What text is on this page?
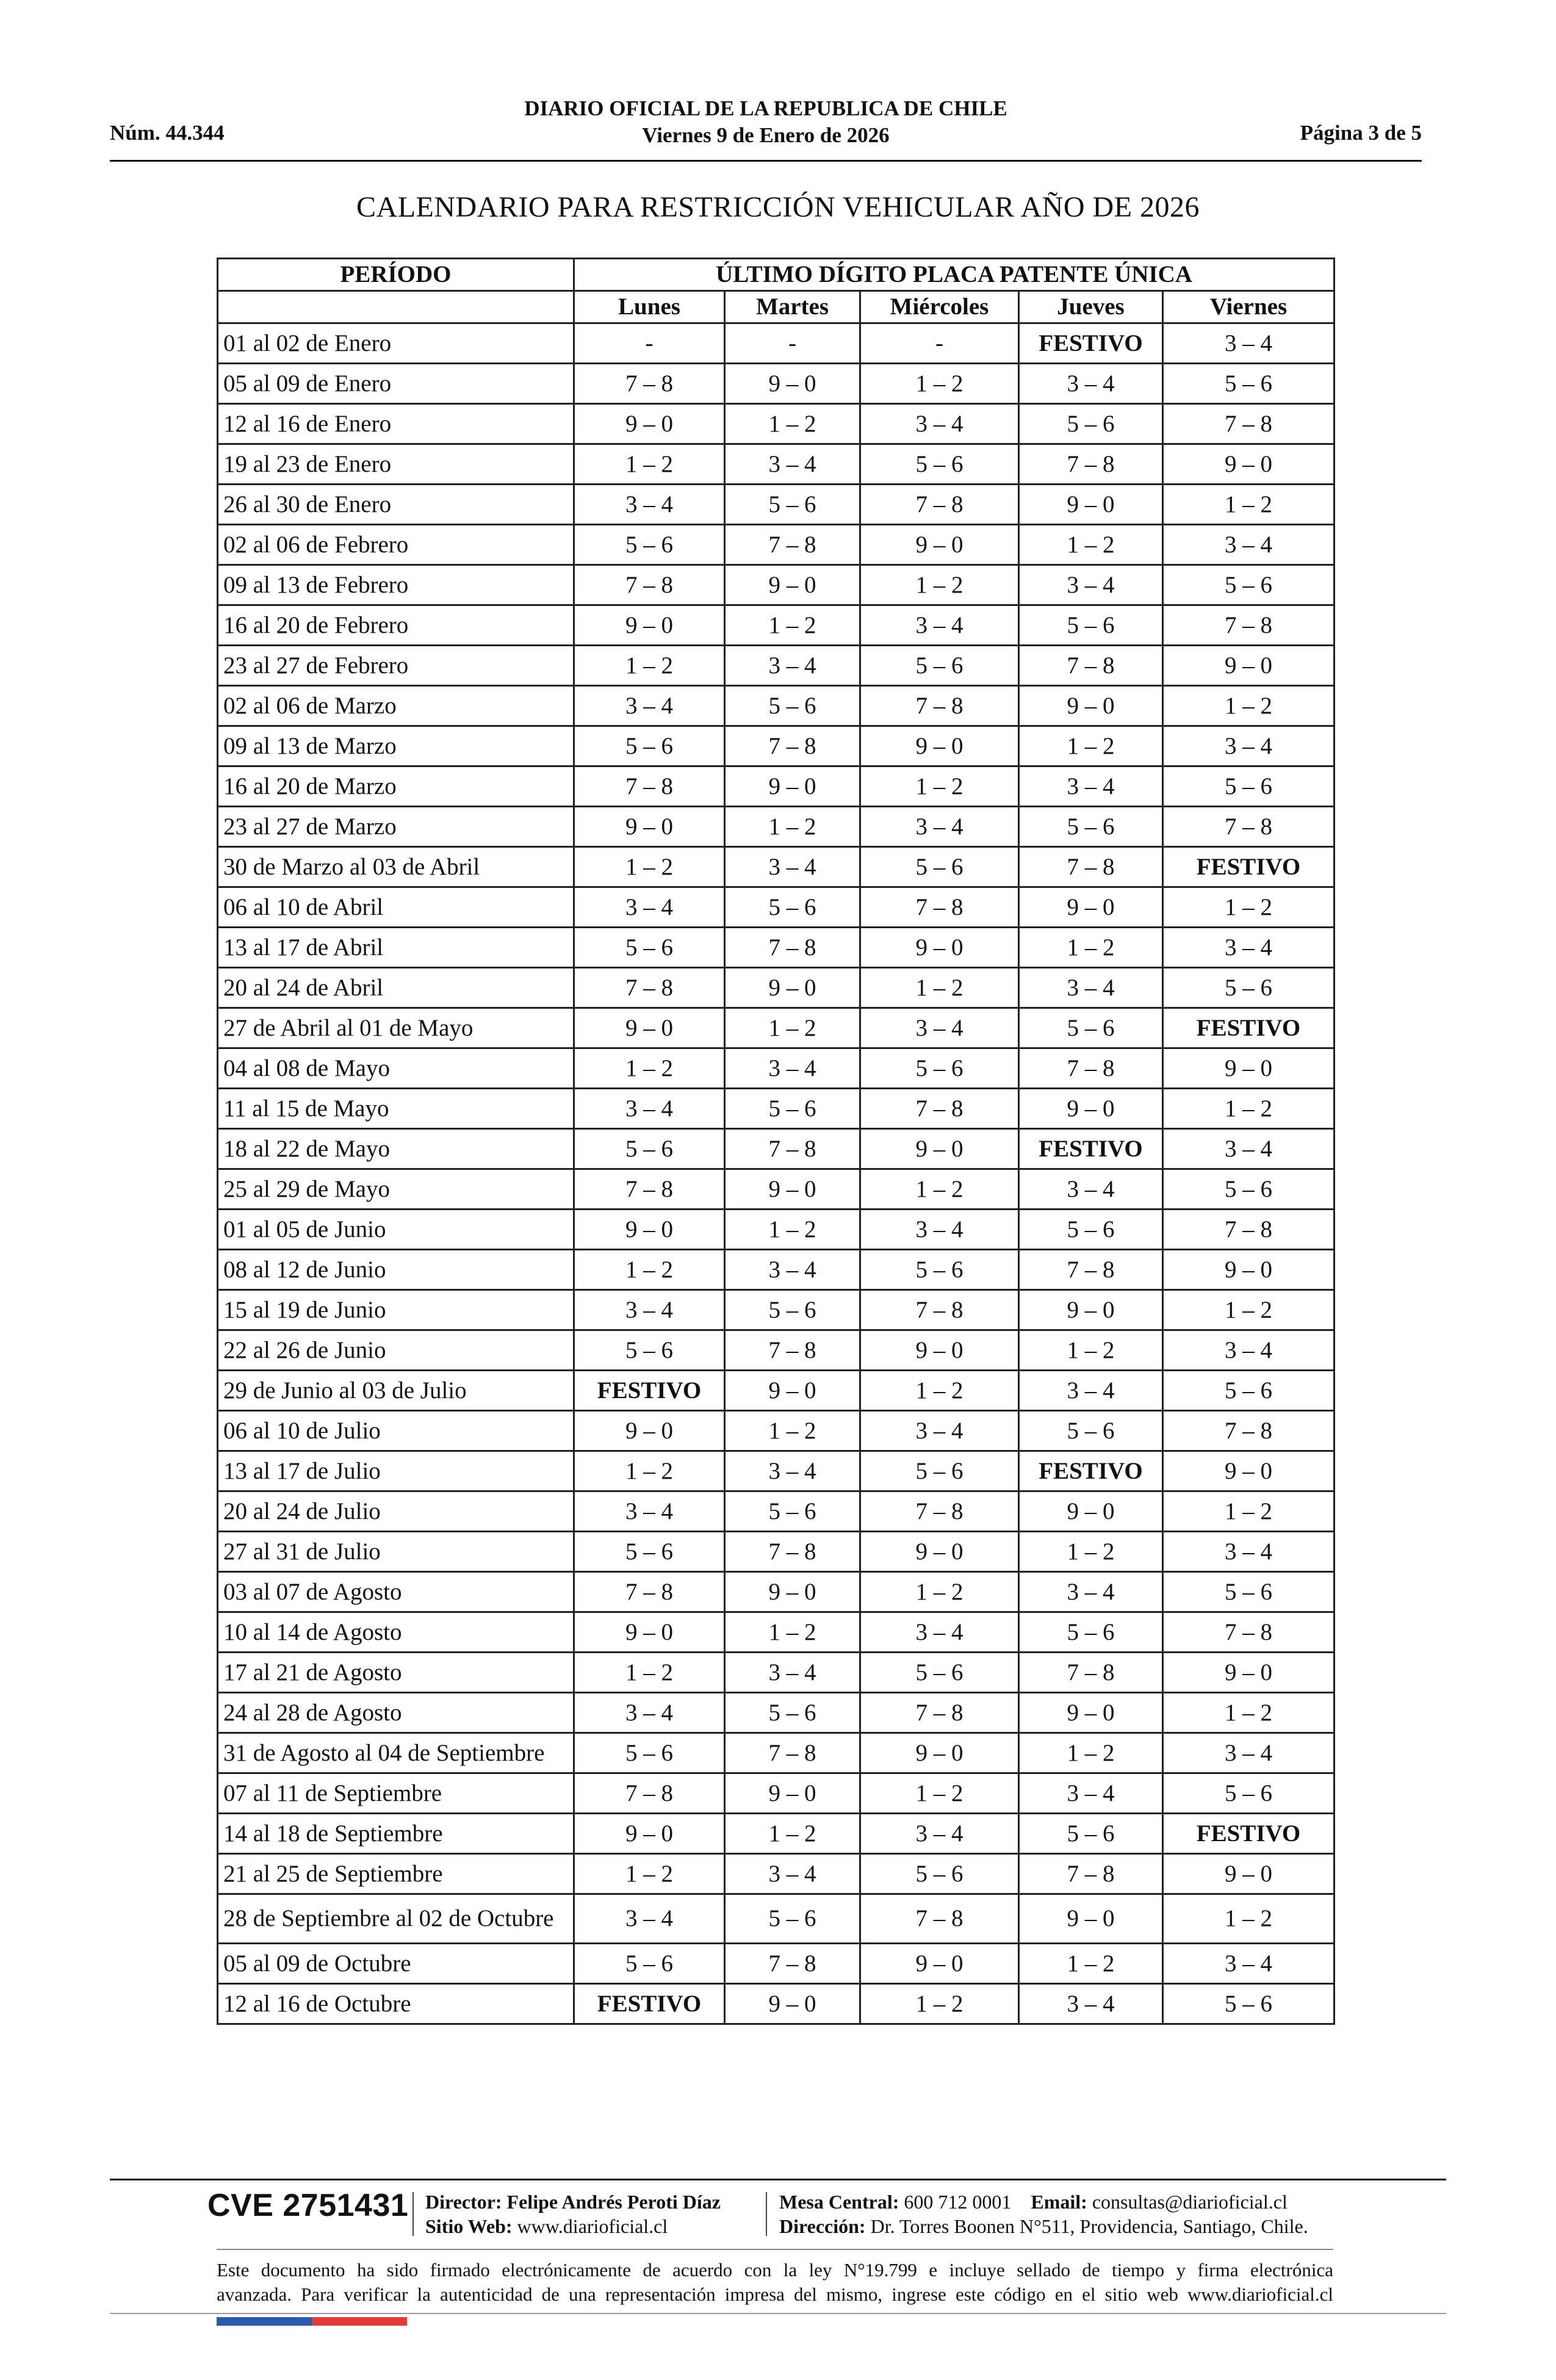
Núm. 44.344
DIARIO OFICIAL DE LA REPUBLICA DE CHILE
Viernes 9 de Enero de 2026	Página 3 de 5
CALENDARIO PARA RESTRICCIÓN VEHICULAR AÑO DE 2026
PERÍODO	ÚLTIMO DÍGITO PLACA PATENTE ÚNICA				
	Lunes	Martes	Miércoles	Jueves	Viernes
01 al 02 de Enero	-	-	-	FESTIVO	3 – 4
05 al 09 de Enero	7 – 8	9 – 0	1 – 2	3 – 4	5 – 6
12 al 16 de Enero	9 – 0	1 – 2	3 – 4	5 – 6	7 – 8
19 al 23 de Enero	1 – 2	3 – 4	5 – 6	7 – 8	9 – 0
26 al 30 de Enero	3 – 4	5 – 6	7 – 8	9 – 0	1 – 2
02 al 06 de Febrero	5 – 6	7 – 8	9 – 0	1 – 2	3 – 4
09 al 13 de Febrero	7 – 8	9 – 0	1 – 2	3 – 4	5 – 6
16 al 20 de Febrero	9 – 0	1 – 2	3 – 4	5 – 6	7 – 8
23 al 27 de Febrero	1 – 2	3 – 4	5 – 6	7 – 8	9 – 0
02 al 06 de Marzo	3 – 4	5 – 6	7 – 8	9 – 0	1 – 2
09 al 13 de Marzo	5 – 6	7 – 8	9 – 0	1 – 2	3 – 4
16 al 20 de Marzo	7 – 8	9 – 0	1 – 2	3 – 4	5 – 6
23 al 27 de Marzo	9 – 0	1 – 2	3 – 4	5 – 6	7 – 8
30 de Marzo al 03 de Abril	1 – 2	3 – 4	5 – 6	7 – 8	FESTIVO
06 al 10 de Abril	3 – 4	5 – 6	7 – 8	9 – 0	1 – 2
13 al 17 de Abril	5 – 6	7 – 8	9 – 0	1 – 2	3 – 4
20 al 24 de Abril	7 – 8	9 – 0	1 – 2	3 – 4	5 – 6
27 de Abril al 01 de Mayo	9 – 0	1 – 2	3 – 4	5 – 6	FESTIVO
04 al 08 de Mayo	1 – 2	3 – 4	5 – 6	7 – 8	9 – 0
11 al 15 de Mayo	3 – 4	5 – 6	7 – 8	9 – 0	1 – 2
18 al 22 de Mayo	5 – 6	7 – 8	9 – 0	FESTIVO	3 – 4
25 al 29 de Mayo	7 – 8	9 – 0	1 – 2	3 – 4	5 – 6
01 al 05 de Junio	9 – 0	1 – 2	3 – 4	5 – 6	7 – 8
08 al 12 de Junio	1 – 2	3 – 4	5 – 6	7 – 8	9 – 0
15 al 19 de Junio	3 – 4	5 – 6	7 – 8	9 – 0	1 – 2
22 al 26 de Junio	5 – 6	7 – 8	9 – 0	1 – 2	3 – 4
29 de Junio al 03 de Julio	FESTIVO	9 – 0	1 – 2	3 – 4	5 – 6
06 al 10 de Julio	9 – 0	1 – 2	3 – 4	5 – 6	7 – 8
13 al 17 de Julio	1 – 2	3 – 4	5 – 6	FESTIVO	9 – 0
20 al 24 de Julio	3 – 4	5 – 6	7 – 8	9 – 0	1 – 2
27 al 31 de Julio	5 – 6	7 – 8	9 – 0	1 – 2	3 – 4
03 al 07 de Agosto	7 – 8	9 – 0	1 – 2	3 – 4	5 – 6
10 al 14 de Agosto	9 – 0	1 – 2	3 – 4	5 – 6	7 – 8
17 al 21 de Agosto	1 – 2	3 – 4	5 – 6	7 – 8	9 – 0
24 al 28 de Agosto	3 – 4	5 – 6	7 – 8	9 – 0	1 – 2
31 de Agosto al 04 de Septiembre	5 – 6	7 – 8	9 – 0	1 – 2	3 – 4
07 al 11 de Septiembre	7 – 8	9 – 0	1 – 2	3 – 4	5 – 6
14 al 18 de Septiembre	9 – 0	1 – 2	3 – 4	5 – 6	FESTIVO
21 al 25 de Septiembre	1 – 2	3 – 4	5 – 6	7 – 8	9 – 0
28 de Septiembre al 02 de Octubre	3 – 4	5 – 6	7 – 8	9 – 0	1 – 2
05 al 09 de Octubre	5 – 6	7 – 8	9 – 0	1 – 2	3 – 4
12 al 16 de Octubre	FESTIVO	9 – 0	1 – 2	3 – 4	5 – 6
CVE 2751431 Director: Felipe Andrés Peroti Díaz
Sitio Web: www.diarioficial.cl
Mesa Central: 600 712 0001 Email: consultas@diarioficial.cl
Dirección: Dr. Torres Boonen N°511, Providencia, Santiago, Chile.
Este documento ha sido firmado electrónicamente de acuerdo con la ley N°19.799 e incluye sellado de tiempo y firma electrónica
avanzada. Para verificar la autenticidad de una representación impresa del mismo, ingrese este código en el sitio web www.diarioficial.cl
